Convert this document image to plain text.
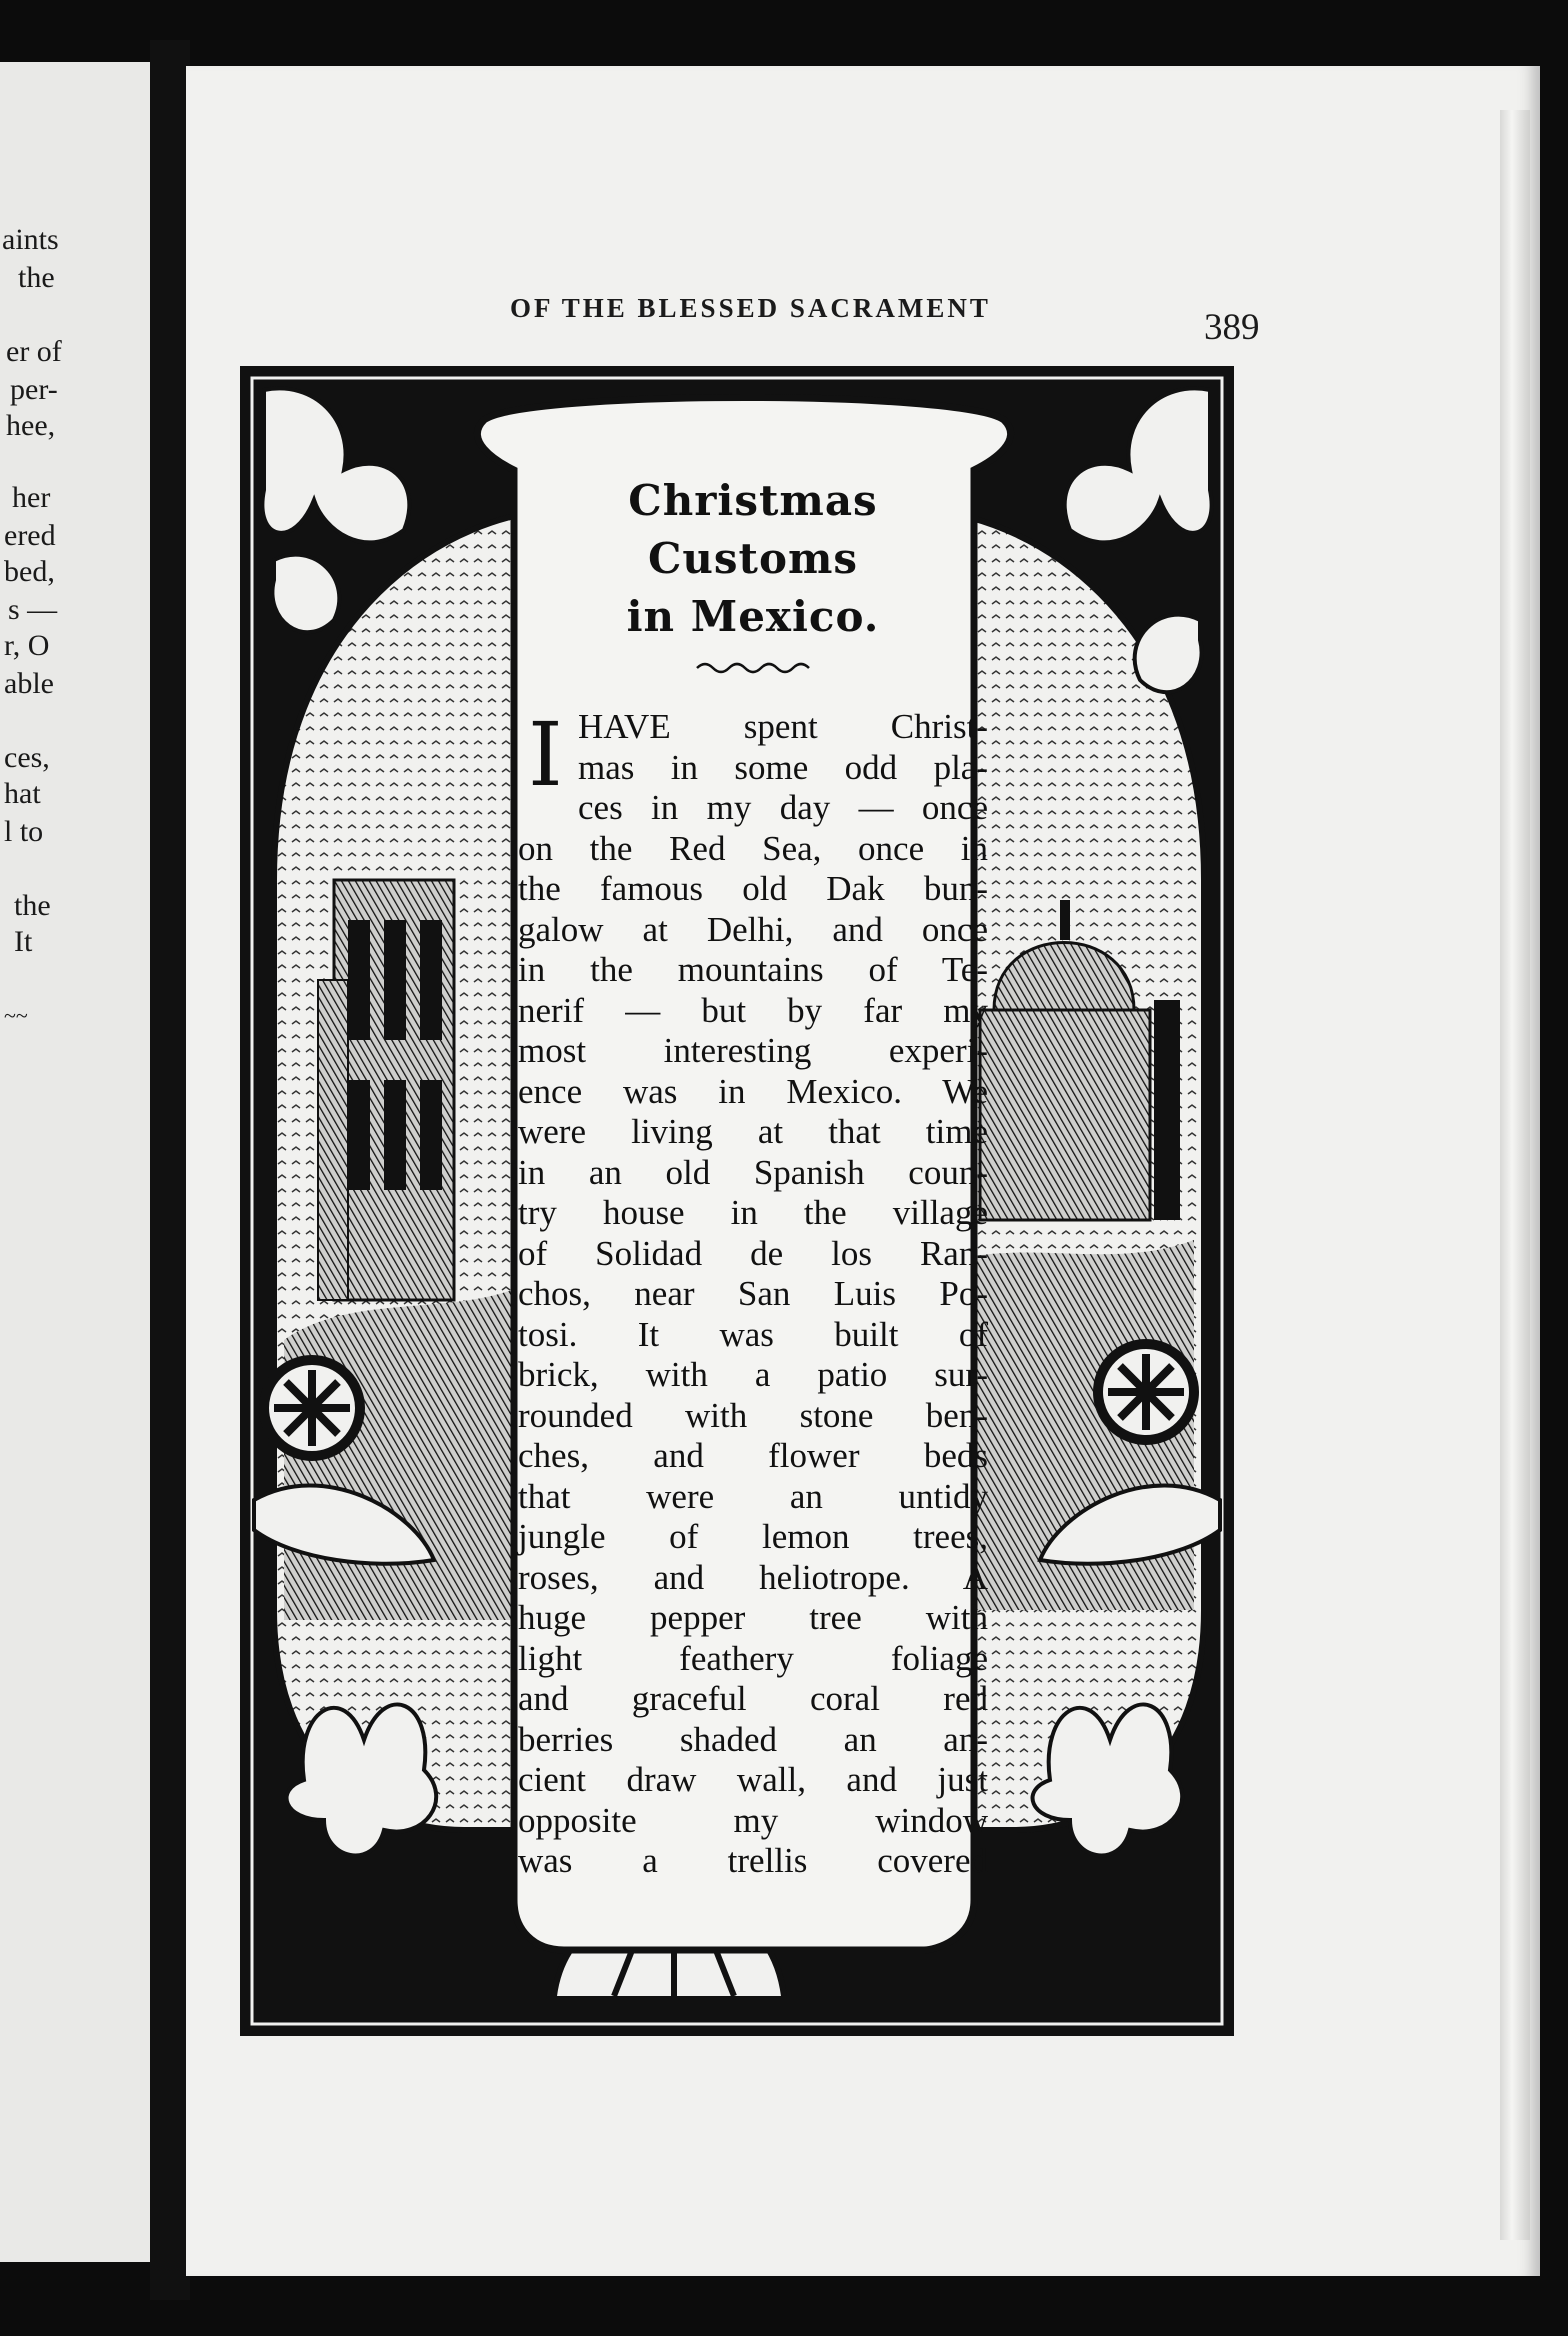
aints
the
er of
per-
hee,
her
ered
bed,
s —
r, O
able
ces,
hat
l to
the
It
~~
OF THE BLESSED SACRAMENT	389
Christmas Customs
in Mexico.
I HAVE spent Christ-
mas in some odd pla-
ces in my day — once
on the Red Sea, once in
the famous old Dak bun-
galow at Delhi, and once
in the mountains of Te-
nerif — but by far my
most interesting experi-
ence was in Mexico. We
were living at that time
in an old Spanish coun-
try house in the village
of Solidad de los Ran-
chos, near San Luis Po-
tosi. It was built of
brick, with a patio sur-
rounded with stone ben-
ches, and flower beds
that were an untidy
jungle of lemon trees,
roses, and heliotrope. A
huge pepper tree with
light feathery foliage
and graceful coral red
berries shaded an an-
cient draw wall, and just
opposite my window
was a trellis covered
